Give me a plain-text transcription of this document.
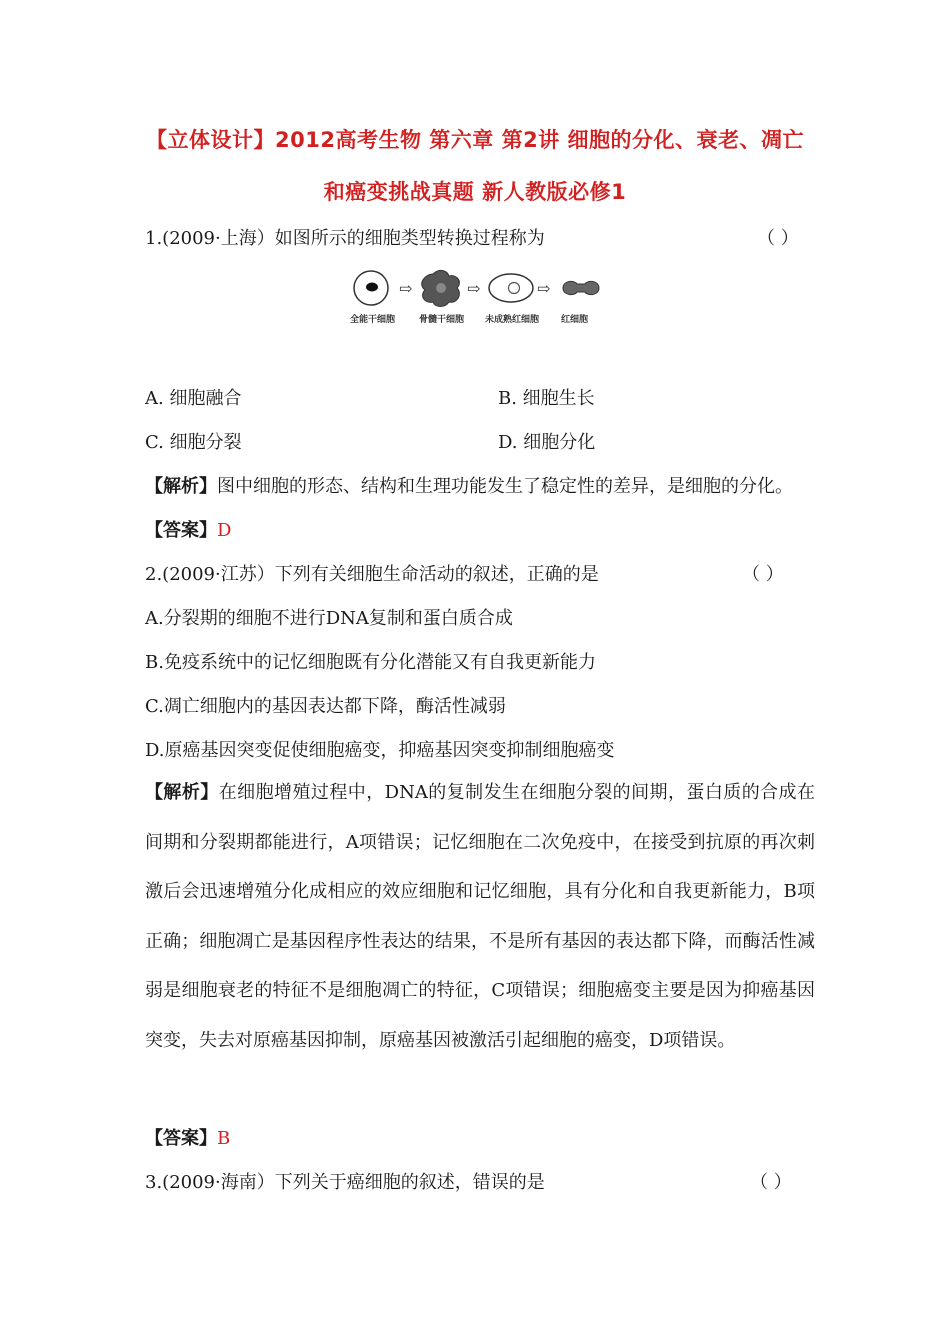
【立体设计】2012高考生物 第六章 第2讲 细胞的分化、衰老、凋亡
和癌变挑战真题 新人教版必修1
1.(2009·上海）如图所示的细胞类型转换过程称为	（ ）
⇨	⇨	⇨
全能干细胞	骨髓干细胞 未成熟红细胞 红细胞
A. 细胞融合	B. 细胞生长
C. 细胞分裂	D. 细胞分化
【解析】图中细胞的形态、结构和生理功能发生了稳定性的差异，是细胞的分化。
【答案】D
2.(2009·江苏）下列有关细胞生命活动的叙述，正确的是	（ ）
A.分裂期的细胞不进行DNA复制和蛋白质合成
B.免疫系统中的记忆细胞既有分化潜能又有自我更新能力
C.凋亡细胞内的基因表达都下降，酶活性减弱
D.原癌基因突变促使细胞癌变，抑癌基因突变抑制细胞癌变
【解析】在细胞增殖过程中，DNA的复制发生在细胞分裂的间期，蛋白质的合成在间期和分裂期都能进行，A项错误；记忆细胞在二次免疫中，在接受到抗原的再次刺激后会迅速增殖分化成相应的效应细胞和记忆细胞，具有分化和自我更新能力，B项正确；细胞凋亡是基因程序性表达的结果，不是所有基因的表达都下降，而酶活性减弱是细胞衰老的特征不是细胞凋亡的特征，C项错误；细胞癌变主要是因为抑癌基因突变，失去对原癌基因抑制，原癌基因被激活引起细胞的癌变，D项错误。
【答案】B
3.(2009·海南）下列关于癌细胞的叙述，错误的是	（ ）
